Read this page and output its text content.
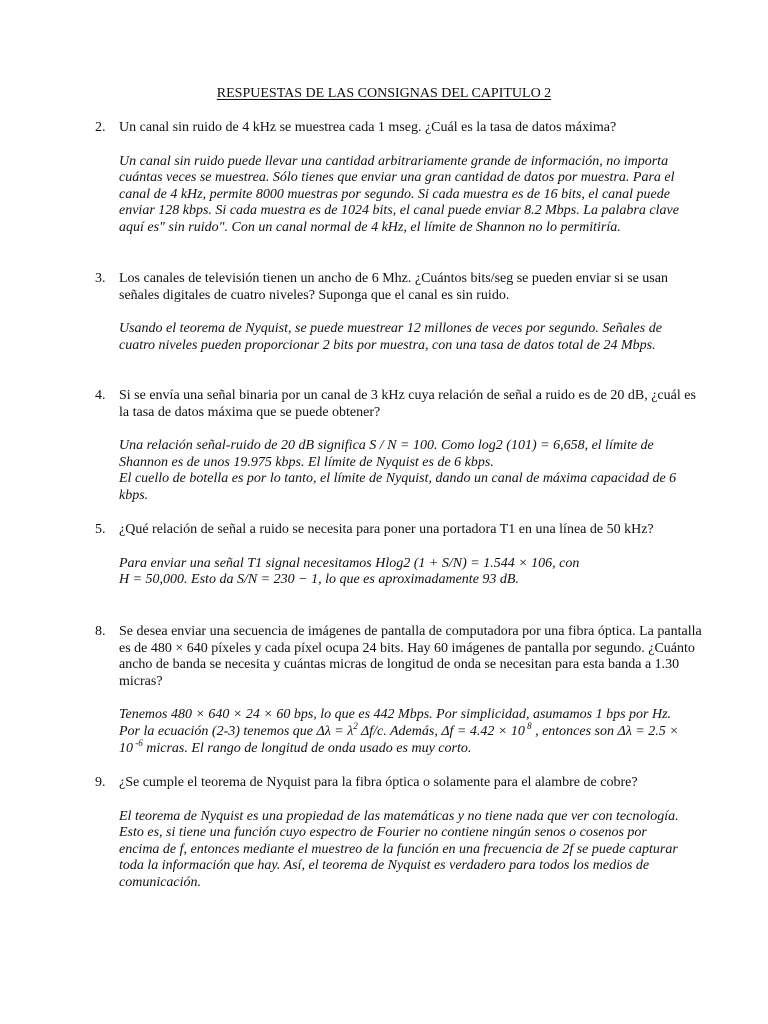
RESPUESTAS DE LAS CONSIGNAS DEL CAPITULO 2

2. Un canal sin ruido de 4 kHz se muestrea cada 1 mseg. ¿Cuál es la tasa de datos máxima?

Un canal sin ruido puede llevar una cantidad arbitrariamente grande de información, no importa cuántas veces se muestrea. Sólo tienes que enviar una gran cantidad de datos por muestra. Para el canal de 4 kHz, permite 8000 muestras por segundo. Si cada muestra es de 16 bits, el canal puede enviar 128 kbps. Si cada muestra es de 1024 bits, el canal puede enviar 8.2 Mbps. La palabra clave aquí es" sin ruido". Con un canal normal de 4 kHz, el límite de Shannon no lo permitiría.

3. Los canales de televisión tienen un ancho de 6 Mhz. ¿Cuántos bits/seg se pueden enviar si se usan señales digitales de cuatro niveles? Suponga que el canal es sin ruido.

Usando el teorema de Nyquist, se puede muestrear 12 millones de veces por segundo. Señales de cuatro niveles pueden proporcionar 2 bits por muestra, con una tasa de datos total de 24 Mbps.

4. Si se envía una señal binaria por un canal de 3 kHz cuya relación de señal a ruido es de 20 dB, ¿cuál es la tasa de datos máxima que se puede obtener?

Una relación señal-ruido de 20 dB significa S / N = 100. Como log2 (101) = 6,658, el límite de Shannon es de unos 19.975 kbps. El límite de Nyquist es de 6 kbps.
El cuello de botella es por lo tanto, el límite de Nyquist, dando un canal de máxima capacidad de 6 kbps.

5. ¿Qué relación de señal a ruido se necesita para poner una portadora T1 en una línea de 50 kHz?

Para enviar una señal T1 signal necesitamos Hlog2 (1 + S/N) = 1.544 × 106, con
H = 50,000. Esto da S/N = 230 − 1, lo que es aproximadamente 93 dB.

8. Se desea enviar una secuencia de imágenes de pantalla de computadora por una fibra óptica. La pantalla es de 480 × 640 píxeles y cada píxel ocupa 24 bits. Hay 60 imágenes de pantalla por segundo. ¿Cuánto ancho de banda se necesita y cuántas micras de longitud de onda se necesitan para esta banda a 1.30 micras?

Tenemos 480 × 640 × 24 × 60 bps, lo que es 442 Mbps. Por simplicidad, asumamos 1 bps por Hz. Por la ecuación (2-3) tenemos que $\Delta\lambda = \lambda^2$ Δf/c. Además, Δf = 4.42 × 10 $^8$ , entonces son Δλ = 2.5 × 10 $^{-6}$ micras. El rango de longitud de onda usado es muy corto.

9. ¿Se cumple el teorema de Nyquist para la fibra óptica o solamente para el alambre de cobre?

El teorema de Nyquist es una propiedad de las matemáticas y no tiene nada que ver con tecnología. Esto es, si tiene una función cuyo espectro de Fourier no contiene ningún senos o cosenos por encima de f, entonces mediante el muestreo de la función en una frecuencia de 2f se puede capturar toda la información que hay. Así, el teorema de Nyquist es verdadero para todos los medios de comunicación.
